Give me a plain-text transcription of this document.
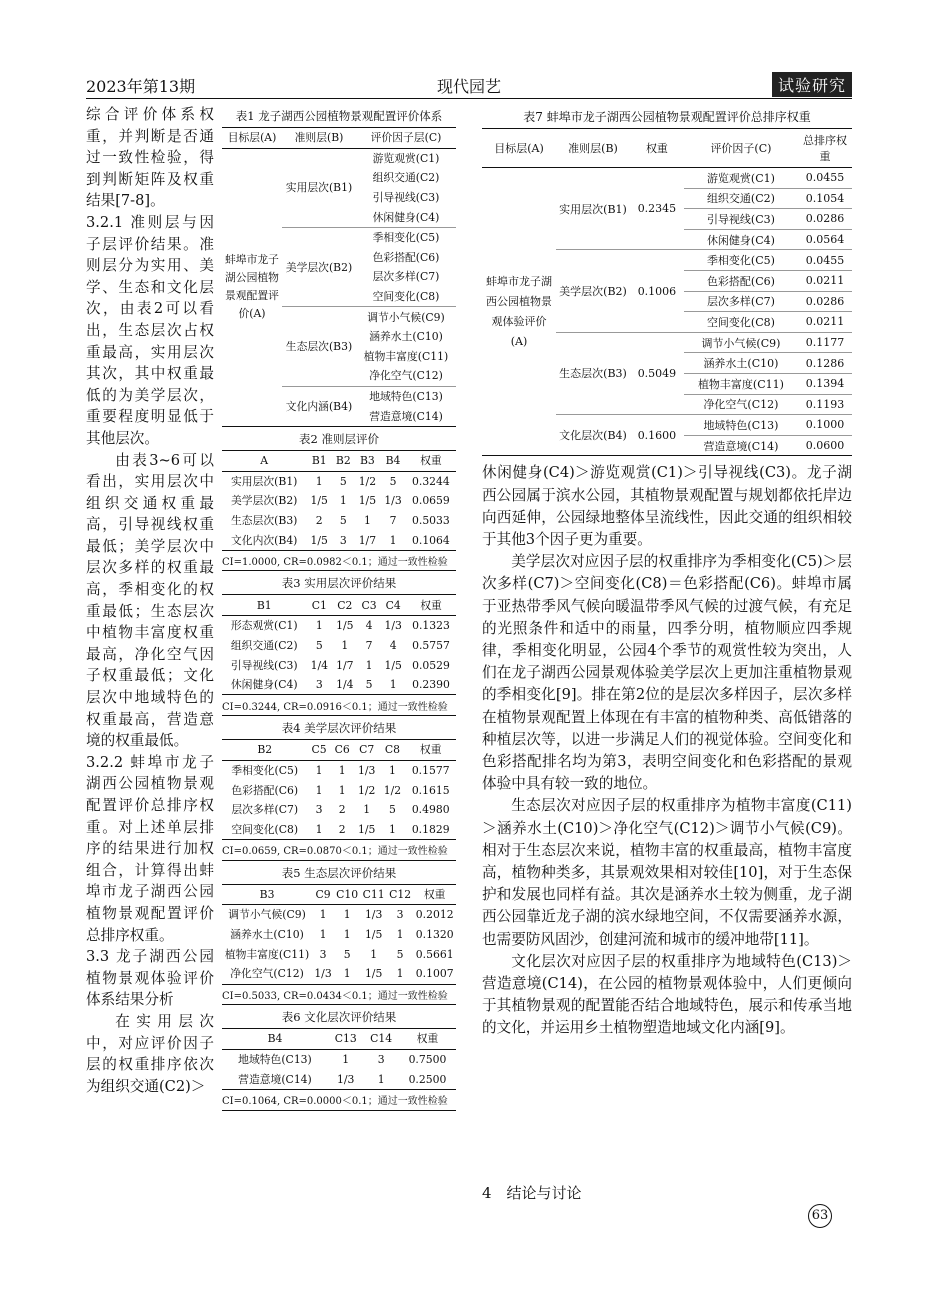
2023年第13期	现代园艺	试验研究

综合评价体系权重，并判断是否通过一致性检验，得到判断矩阵及权重结果[7-8]。

3.2.1 准则层与因子层评价结果。准则层分为实用、美学、生态和文化层次，由表2可以看出，生态层次占权重最高，实用层次其次，其中权重最低的为美学层次，重要程度明显低于其他层次。

由表3~6可以看出，实用层次中组织交通权重最高，引导视线权重最低；美学层次中层次多样的权重最高，季相变化的权重最低；生态层次中植物丰富度权重最高，净化空气因子权重最低；文化层次中地域特色的权重最高，营造意境的权重最低。

3.2.2 蚌埠市龙子湖西公园植物景观配置评价总排序权重。对上述单层排序的结果进行加权组合，计算得出蚌埠市龙子湖西公园植物景观配置评价总排序权重。

3.3 龙子湖西公园植物景观体验评价体系结果分析

在实用层次中，对应评价因子层的权重排序依次为组织交通(C2)＞

表1 龙子湖西公园植物景观配置评价体系
目标层(A)	准则层(B)	评价因子层(C)
蚌埠市龙子湖公园植物景观配置评价(A)	实用层次(B1)	游览观赏(C1)
		组织交通(C2)
		引导视线(C3)
		休闲健身(C4)
	美学层次(B2)	季相变化(C5)
		色彩搭配(C6)
		层次多样(C7)
		空间变化(C8)
	生态层次(B3)	调节小气候(C9)
		涵养水土(C10)
		植物丰富度(C11)
		净化空气(C12)
	文化内涵(B4)	地域特色(C13)
		营造意境(C14)
表2 准则层评价
A	B1	B2	B3	B4	权重
实用层次(B1)	1	5	1/2	5	0.3244
美学层次(B2)	1/5	1	1/5	1/3	0.0659
生态层次(B3)	2	5	1	7	0.5033
文化内次(B4)	1/5	3	1/7	1	0.1064
CI=1.0000, CR=0.0982＜0.1；通过一致性检验					
表3 实用层次评价结果
B1	C1	C2	C3	C4	权重
形态观赏(C1)	1	1/5	4	1/3	0.1323
组织交通(C2)	5	1	7	4	0.5757
引导视线(C3)	1/4	1/7	1	1/5	0.0529
休闲健身(C4)	3	1/4	5	1	0.2390
CI=0.3244, CR=0.0916＜0.1；通过一致性检验					
表4 美学层次评价结果
B2	C5	C6	C7	C8	权重
季相变化(C5)	1	1	1/3	1	0.1577
色彩搭配(C6)	1	1	1/2	1/2	0.1615
层次多样(C7)	3	2	1	5	0.4980
空间变化(C8)	1	2	1/5	1	0.1829
CI=0.0659, CR=0.0870＜0.1；通过一致性检验					
表5 生态层次评价结果
B3	C9	C10	C11	C12	权重
调节小气候(C9)	1	1	1/3	3	0.2012
涵养水土(C10)	1	1	1/5	1	0.1320
植物丰富度(C11)	3	5	1	5	0.5661
净化空气(C12)	1/3	1	1/5	1	0.1007
CI=0.5033, CR=0.0434＜0.1；通过一致性检验					
表6 文化层次评价结果
B4	C13	C14	权重
地域特色(C13)	1	3	0.7500
营造意境(C14)	1/3	1	0.2500
CI=0.1064, CR=0.0000＜0.1；通过一致性检验			
表7 蚌埠市龙子湖西公园植物景观配置评价总排序权重
目标层(A)	准则层(B)	权重	评价因子(C)	总排序权重
蚌埠市龙子湖西公园植物景观体验评价(A)	实用层次(B1)	0.2345	游览观赏(C1)	0.0455
			组织交通(C2)	0.1054
			引导视线(C3)	0.0286
			休闲健身(C4)	0.0564
	美学层次(B2)	0.1006	季相变化(C5)	0.0455
			色彩搭配(C6)	0.0211
			层次多样(C7)	0.0286
			空间变化(C8)	0.0211
	生态层次(B3)	0.5049	调节小气候(C9)	0.1177
			涵养水土(C10)	0.1286
			植物丰富度(C11)	0.1394
			净化空气(C12)	0.1193
	文化层次(B4)	0.1600	地域特色(C13)	0.1000
			营造意境(C14)	0.0600

休闲健身(C4)＞游览观赏(C1)＞引导视线(C3)。龙子湖西公园属于滨水公园，其植物景观配置与规划都依托岸边向西延伸，公园绿地整体呈流线性，因此交通的组织相较于其他3个因子更为重要。

美学层次对应因子层的权重排序为季相变化(C5)＞层次多样(C7)＞空间变化(C8)＝色彩搭配(C6)。蚌埠市属于亚热带季风气候向暖温带季风气候的过渡气候，有充足的光照条件和适中的雨量，四季分明，植物顺应四季规律，季相变化明显，公园4个季节的观赏性较为突出，人们在龙子湖西公园景观体验美学层次上更加注重植物景观的季相变化[9]。排在第2位的是层次多样因子，层次多样在植物景观配置上体现在有丰富的植物种类、高低错落的种植层次等，以进一步满足人们的视觉体验。空间变化和色彩搭配排名均为第3，表明空间变化和色彩搭配的景观体验中具有较一致的地位。

生态层次对应因子层的权重排序为植物丰富度(C11)＞涵养水土(C10)＞净化空气(C12)＞调节小气候(C9)。相对于生态层次来说，植物丰富的权重最高，植物丰富度高，植物种类多，其景观效果相对较佳[10]，对于生态保护和发展也同样有益。其次是涵养水土较为侧重，龙子湖西公园靠近龙子湖的滨水绿地空间，不仅需要涵养水源，也需要防风固沙，创建河流和城市的缓冲地带[11]。

文化层次对应因子层的权重排序为地域特色(C13)＞营造意境(C14)，在公园的植物景观体验中，人们更倾向于其植物景观的配置能否结合地域特色，展示和传承当地的文化，并运用乡土植物塑造地域文化内涵[9]。

4　结论与讨论
63
